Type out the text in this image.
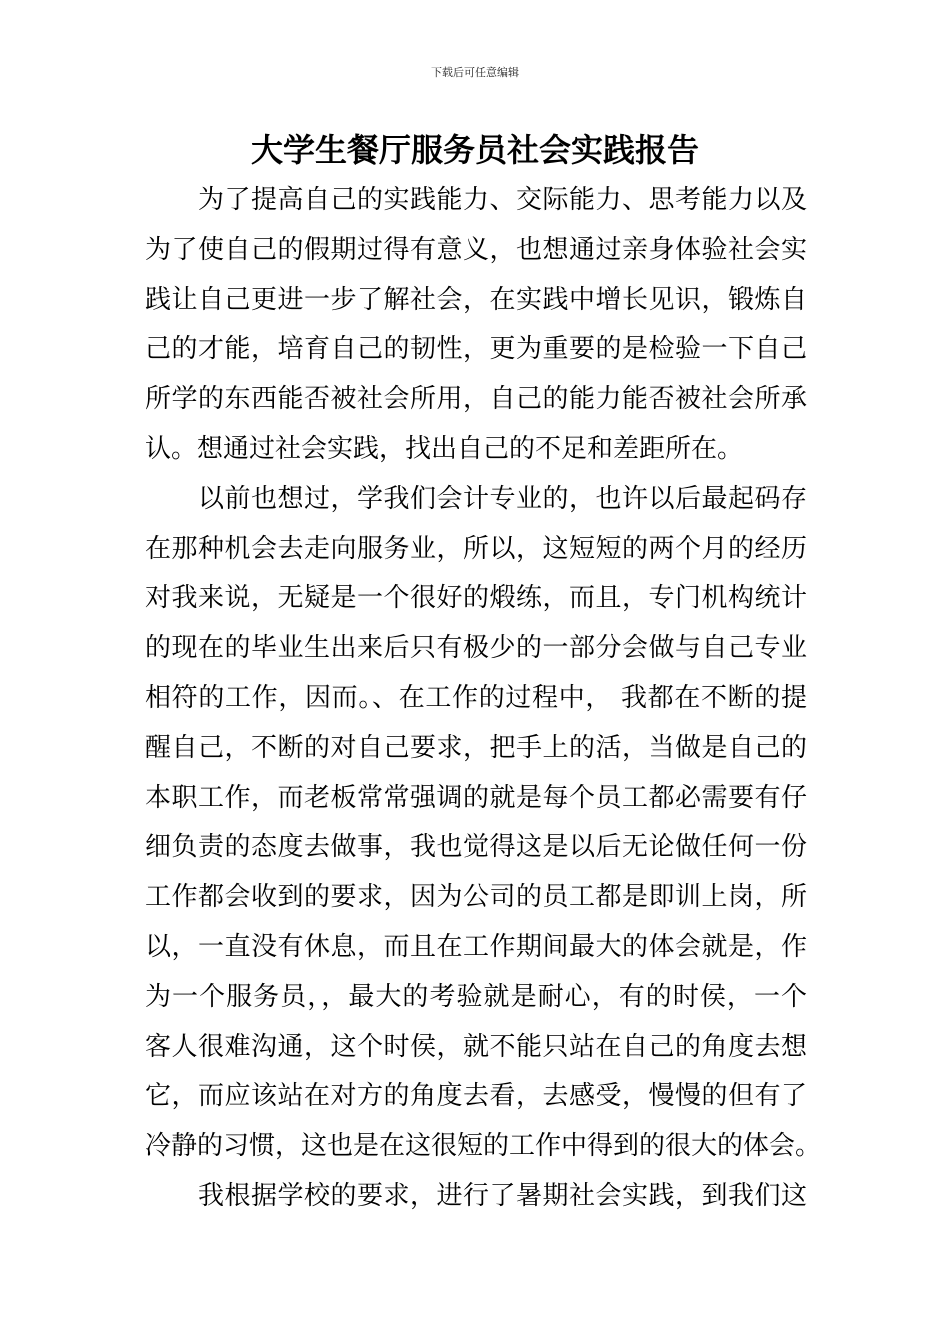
下载后可任意编辑
大学生餐厅服务员社会实践报告

　　为了提高自己的实践能力、交际能力、思考能力以及
为了使自己的假期过得有意义，也想通过亲身体验社会实
践让自己更进一步了解社会，在实践中增长见识，锻炼自
己的才能，培育自己的韧性，更为重要的是检验一下自己
所学的东西能否被社会所用，自己的能力能否被社会所承
认。想通过社会实践，找出自己的不足和差距所在。

　　以前也想过，学我们会计专业的，也许以后最起码存
在那种机会去走向服务业，所以，这短短的两个月的经历
对我来说，无疑是一个很好的煅练，而且，专门机构统计
的现在的毕业生出来后只有极少的一部分会做与自己专业
相符的工作，因而。、在工作的过程中， 我都在不断的提
醒自己，不断的对自己要求，把手上的活，当做是自己的
本职工作，而老板常常强调的就是每个员工都必需要有仔
细负责的态度去做事，我也觉得这是以后无论做任何一份
工作都会收到的要求，因为公司的员工都是即训上岗，所
以，一直没有休息，而且在工作期间最大的体会就是，作
为一个服务员，，最大的考验就是耐心，有的时侯，一个
客人很难沟通，这个时侯，就不能只站在自己的角度去想
它，而应该站在对方的角度去看，去感受，慢慢的但有了
冷静的习惯，这也是在这很短的工作中得到的很大的体会。

　　我根据学校的要求，进行了暑期社会实践，到我们这
